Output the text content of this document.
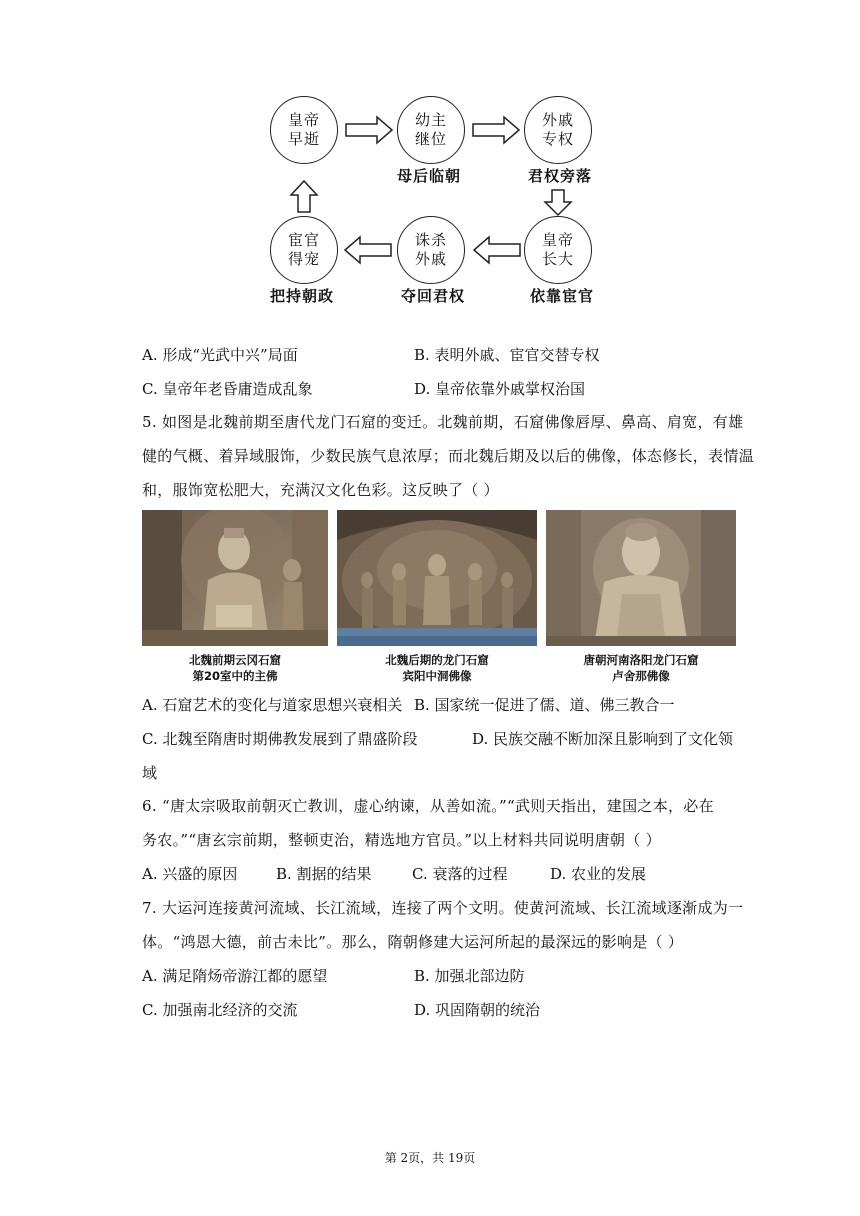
皇帝早逝
幼主继位
外戚专权
皇帝长大
诛杀外戚
宦官得宠
母后临朝	君权旁落
依靠宦官
夺回君权
把持朝政
A. 形成“光武中兴”局面	B. 表明外戚、宦官交替专权
C. 皇帝年老昏庸造成乱象	D. 皇帝依靠外戚掌权治国
5. 如图是北魏前期至唐代龙门石窟的变迁。北魏前期，石窟佛像唇厚、鼻高、肩宽，有雄
健的气概、着异域服饰，少数民族气息浓厚；而北魏后期及以后的佛像，体态修长，表情温
和，服饰宽松肥大，充满汉文化色彩。这反映了（ ）
北魏前期云冈石窟
第20室中的主佛
北魏后期的龙门石窟
宾阳中洞佛像
唐朝河南洛阳龙门石窟
卢舍那佛像
A. 石窟艺术的变化与道家思想兴衰相关 B. 国家统一促进了儒、道、佛三教合一
C. 北魏至隋唐时期佛教发展到了鼎盛阶段	D. 民族交融不断加深且影响到了文化领
域
6. “唐太宗吸取前朝灭亡教训，虚心纳谏，从善如流。”“武则天指出，建国之本，必在
务农。”“唐玄宗前期，整顿吏治，精选地方官员。”以上材料共同说明唐朝（ ）
A. 兴盛的原因	B. 割据的结果	C. 衰落的过程	D. 农业的发展
7. 大运河连接黄河流域、长江流域，连接了两个文明。使黄河流域、长江流域逐渐成为一
体。“鸿恩大德，前古未比”。那么，隋朝修建大运河所起的最深远的影响是（ ）
A. 满足隋炀帝游江都的愿望	B. 加强北部边防
C. 加强南北经济的交流	D. 巩固隋朝的统治
第 2页，共 19页
